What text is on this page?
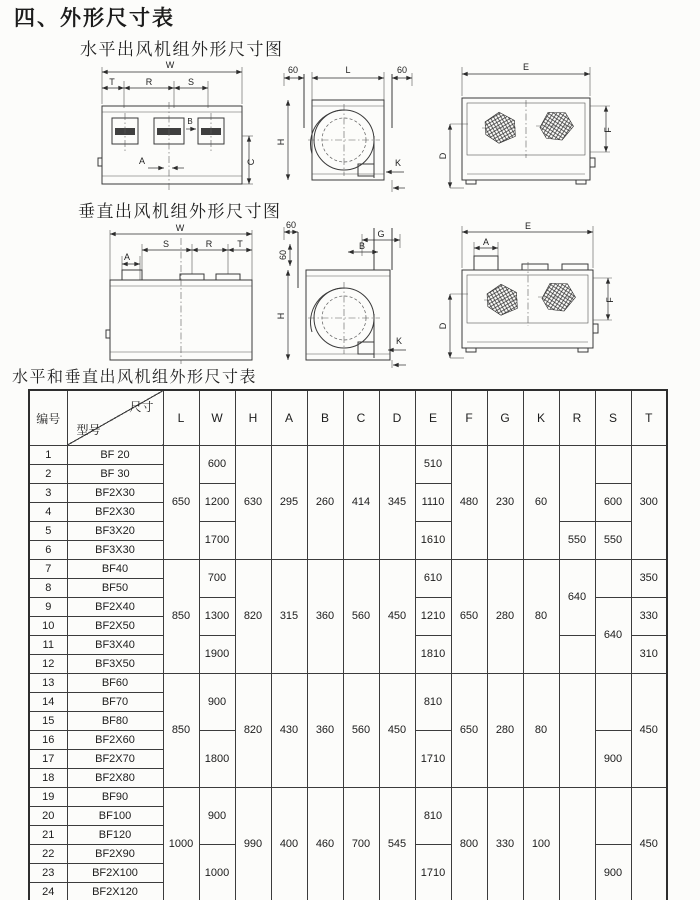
四、外形尺寸表
水平出风机组外形尺寸图
W
T	R	S
B
A	C
60	L	60
H
K
E
D
F
垂直出风机组外形尺寸图
W
S	R	T
A
60
G
B
60
H
K
E
A
D
F
水平和垂直出风机组外形尺寸表
编号	尺寸
型号	L	W	H	A	B	C	D	E	F	G	K	R	S	T
1	BF 20	650	600	630	295	260	414	345	510	480	230	60			300
2	BF 30														
3	BF2X30		1200						1110					600	
4	BF2X30														
5	BF3X20		1700						1610				550	550	
6	BF3X30														
7	BF40	850	700	820	315	360	560	450	610	650	280	80	640		350
8	BF50														
9	BF2X40		1300						1210					640	330
10	BF2X50														
11	BF3X40		1900						1810						310
12	BF3X50														
13	BF60	850	900	820	430	360	560	450	810	650	280	80			450
14	BF70														
15	BF80														
16	BF2X60		1800						1710					900	
17	BF2X70														
18	BF2X80														
19	BF90	1000	900	990	400	460	700	545	810	800	330	100			450
20	BF100														
21	BF120														
22	BF2X90		1000						1710					900	
23	BF2X100														
24	BF2X120														
